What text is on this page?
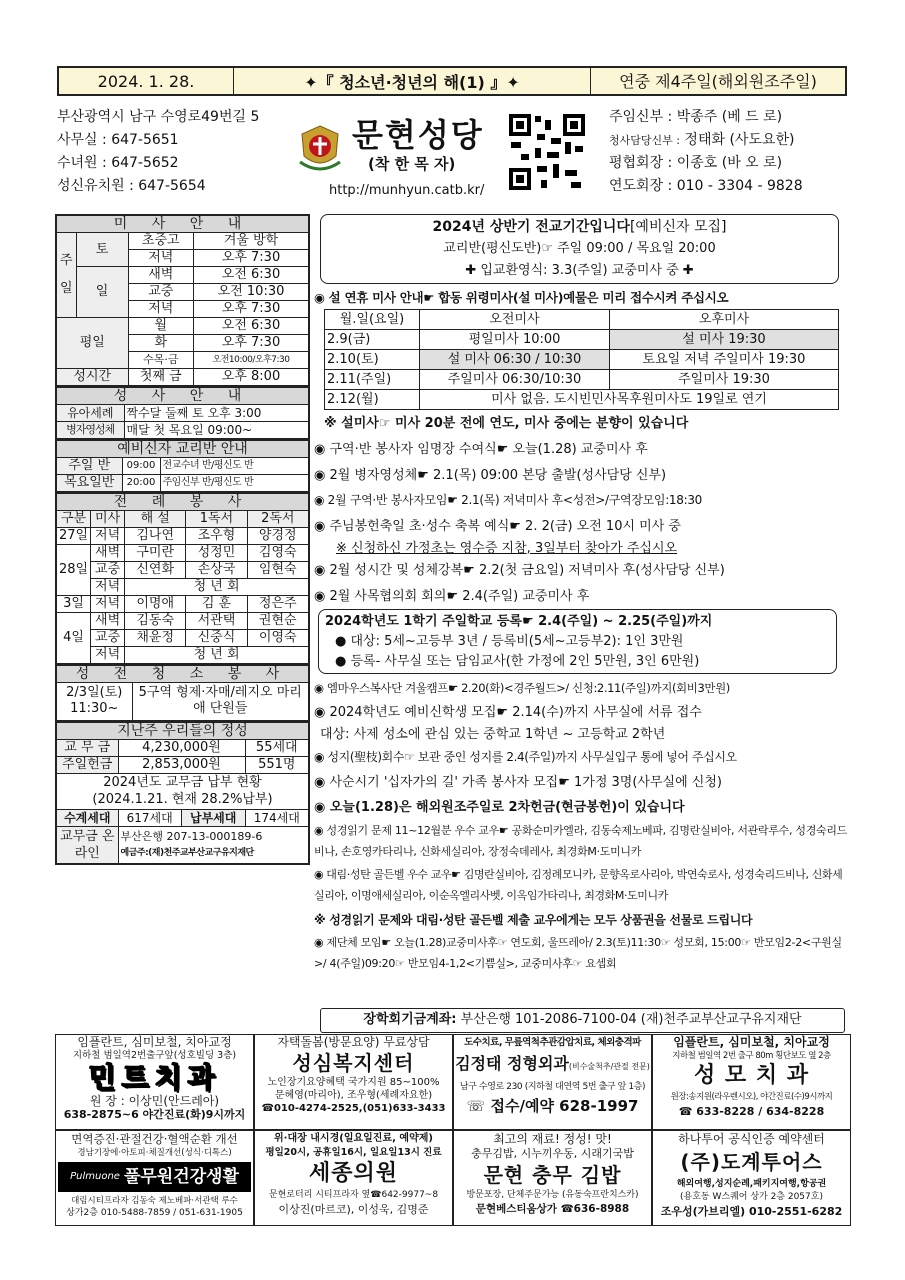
2024. 1. 28.	✦『 청소년·청년의 해(1) 』✦	연중 제4주일(해외원조주일)
부산광역시 남구 수영로49번길 5
사무실 : 647-5651
수녀원 : 647-5652
성신유치원 : 647-5654
문현성당
(착 한 목 자)
http://munhyun.catb.kr/
주임신부 : 박종주 (베 드 로)
청사담당신부 : 정태화 (사도요한)
평협회장 : 이종호 (바 오 로)
연도회장 : 010 - 3304 - 9828
미 사 안 내			
주일	토	초중고	겨울 방학
		저녁	오후 7:30
	일	새벽	오전 6:30
		교중	오전 10:30
		저녁	오후 7:30
평일		월	오전 6:30
		화	오후 7:30
		수목·금	오전10:00/오후7:30
성시간		첫째 금	오후 8:00
성 사 안 내	
유아세례	짝수달 둘째 토 오후 3:00
병자영성체	매달 첫 목요일 09:00~
예비신자 교리반 안내		
주일 반	09:00	전교수녀 반/평신도 반
목요일반	20:00	주임신부 반/평신도 반
전 례 봉 사				
구분	미사	해 설	1독서	2독서
27일	저녁	김나연	조우형	양경정
28일	새벽	구미란	성정민	김영숙
	교중	신연화	손상국	임현숙
	저녁	청 년 회		
3일	저녁	이명애	김 훈	정은주
4일	새벽	김동숙	서관택	권현순
	교중	채윤정	신중식	이영숙
	저녁	청 년 회		
성 전 청 소 봉 사
2/3일(토) 11:30~	5구역 형제·자매/레지오 마리애 단원들
지난주 우리들의 정성			
교 무 금	4,230,000원		55세대
주일헌금	2,853,000원		551명

2024년도 교무금 납부 현황
(2024.1.21. 현재 28.2%납부)			

수계세대	617세대	납부세대	174세대
교무금 온라인	부산은행 207-13-000189-6
예금주:(재)천주교부산교구유지재단		
2024년 상반기 전교기간입니다[예비신자 모집]
교리반(평신도반)☞ 주일 09:00 / 목요일 20:00
✚ 입교환영식: 3.3(주일) 교중미사 중 ✚
◉ 설 연휴 미사 안내☛ 합동 위령미사(설 미사)예물은 미리 접수시켜 주십시오
월.일(요일)	오전미사	오후미사
2.9(금)	평일미사 10:00	설 미사 19:30
2.10(토)	설 미사 06:30 / 10:30	토요일 저녁 주일미사 19:30
2.11(주일)	주일미사 06:30/10:30	주일미사 19:30
2.12(월)	미사 없음. 도시빈민사목후원미사도 19일로 연기	
※ 설미사☞ 미사 20분 전에 연도, 미사 중에는 분향이 있습니다
◉ 구역·반 봉사자 임명장 수여식☛ 오늘(1.28) 교중미사 후
◉ 2월 병자영성체☛ 2.1(목) 09:00 본당 출발(성사담당 신부)
◉ 2월 구역·반 봉사자모임☛ 2.1(목) 저녁미사 후<성전>/구역장모임:18:30
◉ 주님봉헌축일 초·성수 축복 예식☛ 2. 2(금) 오전 10시 미사 중
※ 신청하신 가정초는 영수증 지참, 3일부터 찾아가 주십시오
◉ 2월 성시간 및 성체강복☛ 2.2(첫 금요일) 저녁미사 후(성사담당 신부)
◉ 2월 사목협의회 회의☛ 2.4(주일) 교중미사 후
2024학년도 1학기 주일학교 등록☛ 2.4(주일) ~ 2.25(주일)까지
● 대상: 5세~고등부 3년 / 등록비(5세~고등부2): 1인 3만원
● 등록- 사무실 또는 담임교사(한 가정에 2인 5만원, 3인 6만원)
◉ 엠마우스복사단 겨울캠프☛ 2.20(화)<경주월드>/ 신청:2.11(주일)까지(회비3만원)
◉ 2024학년도 예비신학생 모집☛ 2.14(수)까지 사무실에 서류 접수
대상: 사제 성소에 관심 있는 중학교 1학년 ~ 고등학교 2학년
◉ 성지(聖枝)회수☞ 보관 중인 성지를 2.4(주일)까지 사무실입구 통에 넣어 주십시오
◉ 사순시기 '십자가의 길' 가족 봉사자 모집☛ 1가정 3명(사무실에 신청)
◉ 오늘(1.28)은 해외원조주일로 2차헌금(현금봉헌)이 있습니다
◉ 성경읽기 문제 11~12월분 우수 교우☛ 공화순미카엘라, 김동숙제노베파, 김명란실비아, 서관락루수, 성경숙리드비나, 손호영카타리나, 신화세실리아, 장정숙데레사, 최경화M·도미니카
◉ 대림·성탄 골든벨 우수 교우☛ 김명란실비아, 김정례모니카, 문향옥로사리아, 박연숙로사, 성경숙리드비나, 신화세실리아, 이명애세실리아, 이순옥엘리사벳, 이옥임가타리나, 최경화M·도미니카
※ 성경읽기 문제와 대림·성탄 골든벨 제출 교우에게는 모두 상품권을 선물로 드립니다
◉ 제단체 모임☛ 오늘(1.28)교중미사후☞ 연도회, 울뜨레아/ 2.3(토)11:30☞ 성모회, 15:00☞ 반모임2-2<구원실>/ 4(주일)09:20☞ 반모임4-1,2<기쁨실>, 교중미사후☞ 요셉회
장학회기금계좌: 부산은행 101-2086-7100-04 (재)천주교부산교구유지재단
임플란트, 심미보철, 치아교정
지하철 범일역2번출구앞(성호빌딩 3층)
민트치과
원 장 : 이상민(안드레아)
638-2875~6 야간진료(화)9시까지
자택돌봄(방문요양) 무료상담
성심복지센터
노인장기요양혜택 국가지원 85~100%
문혜영(마리아), 조우형(세례자요한)
☎010-4274-2525,(051)633-3433
도수치료, 무릎역척추관감압치료, 체외충격파
김정태 정형외과(비수술척추/관절 전문)
남구 수영로 230 (지하철 대연역 5번 출구 앞 1층)
☏ 접수/예약 628-1997
임플란트, 심미보철, 치아교정
지하철 범일역 2번 출구 80m 횡단보도 옆 2층
성 모 치 과
원장:송지원(라우렌시오), 야간진료(수)9시까지
☎ 633-8228 / 634-8228
면역증진·관절건강·혈액순환 개선
경남기장에·아토피·체질개선(성식·디톡스)
Pulmuone 풀무원건강생활
대림시티프라자 김동숙 제노베파·서관택 루수
상가2층 010-5488-7859 / 051-631-1905
위·대장 내시경(일요일진료, 예약제)
평일20시, 공휴일16시, 일요일13시 진료
세종의원
문현로터리 시티프라자 옆☎642-9977~8
이상진(마르코), 이성욱, 김명준
최고의 재료! 정성! 맛!
충무김밥, 시누끼우동, 시래기국밥
문현 충무 김밥
방문포장, 단체주문가능 (유동숙프란치스카)
문현베스티움상가 ☎636-8988
하나투어 공식인증 예약센터
(주)도계투어스
해외여행,성지순례,패키지여행,항공권
(용호동 W스퀘어 상가 2층 2057호)
조우성(가브리엘) 010-2551-6282
